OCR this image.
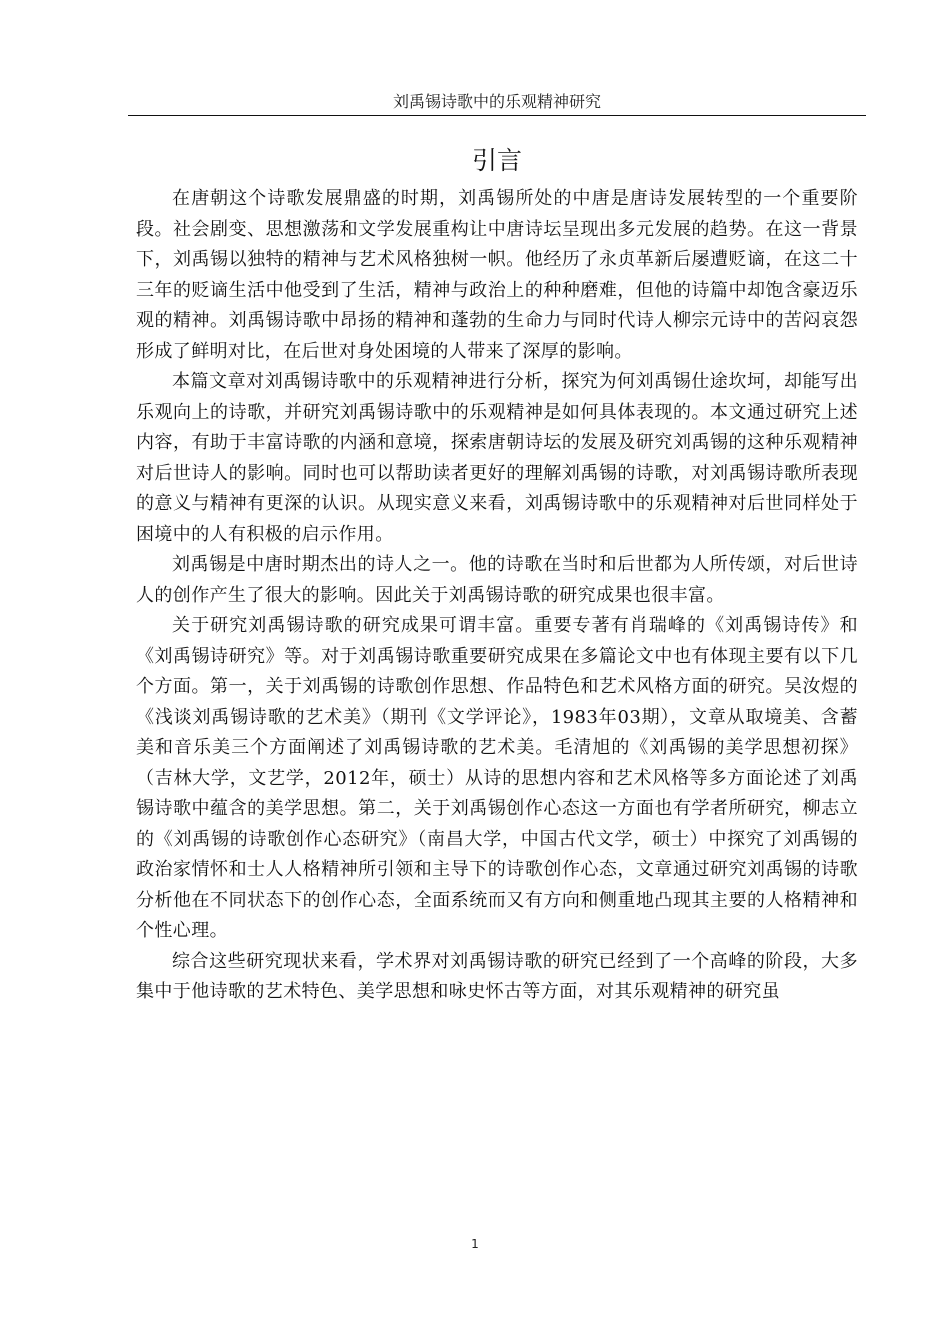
刘禹锡诗歌中的乐观精神研究
引言

在唐朝这个诗歌发展鼎盛的时期，刘禹锡所处的中唐是唐诗发展转型的一个重要阶段。社会剧变、思想激荡和文学发展重构让中唐诗坛呈现出多元发展的趋势。在这一背景下，刘禹锡以独特的精神与艺术风格独树一帜。他经历了永贞革新后屡遭贬谪，在这二十三年的贬谪生活中他受到了生活，精神与政治上的种种磨难，但他的诗篇中却饱含豪迈乐观的精神。刘禹锡诗歌中昂扬的精神和蓬勃的生命力与同时代诗人柳宗元诗中的苦闷哀怨形成了鲜明对比，在后世对身处困境的人带来了深厚的影响。

本篇文章对刘禹锡诗歌中的乐观精神进行分析，探究为何刘禹锡仕途坎坷，却能写出乐观向上的诗歌，并研究刘禹锡诗歌中的乐观精神是如何具体表现的。本文通过研究上述内容，有助于丰富诗歌的内涵和意境，探索唐朝诗坛的发展及研究刘禹锡的这种乐观精神对后世诗人的影响。同时也可以帮助读者更好的理解刘禹锡的诗歌，对刘禹锡诗歌所表现的意义与精神有更深的认识。从现实意义来看，刘禹锡诗歌中的乐观精神对后世同样处于困境中的人有积极的启示作用。

刘禹锡是中唐时期杰出的诗人之一。他的诗歌在当时和后世都为人所传颂，对后世诗人的创作产生了很大的影响。因此关于刘禹锡诗歌的研究成果也很丰富。

关于研究刘禹锡诗歌的研究成果可谓丰富。重要专著有肖瑞峰的《刘禹锡诗传》和《刘禹锡诗研究》等。对于刘禹锡诗歌重要研究成果在多篇论文中也有体现主要有以下几个方面。第一，关于刘禹锡的诗歌创作思想、作品特色和艺术风格方面的研究。吴汝煜的《浅谈刘禹锡诗歌的艺术美》（期刊《文学评论》，1983年03期），文章从取境美、含蓄美和音乐美三个方面阐述了刘禹锡诗歌的艺术美。毛清旭的《刘禹锡的美学思想初探》（吉林大学，文艺学，2012年，硕士）从诗的思想内容和艺术风格等多方面论述了刘禹锡诗歌中蕴含的美学思想。第二，关于刘禹锡创作心态这一方面也有学者所研究，柳志立的《刘禹锡的诗歌创作心态研究》（南昌大学，中国古代文学，硕士）中探究了刘禹锡的政治家情怀和士人人格精神所引领和主导下的诗歌创作心态，文章通过研究刘禹锡的诗歌分析他在不同状态下的创作心态，全面系统而又有方向和侧重地凸现其主要的人格精神和个性心理。

综合这些研究现状来看，学术界对刘禹锡诗歌的研究已经到了一个高峰的阶段，大多集中于他诗歌的艺术特色、美学思想和咏史怀古等方面，对其乐观精神的研究虽

1
